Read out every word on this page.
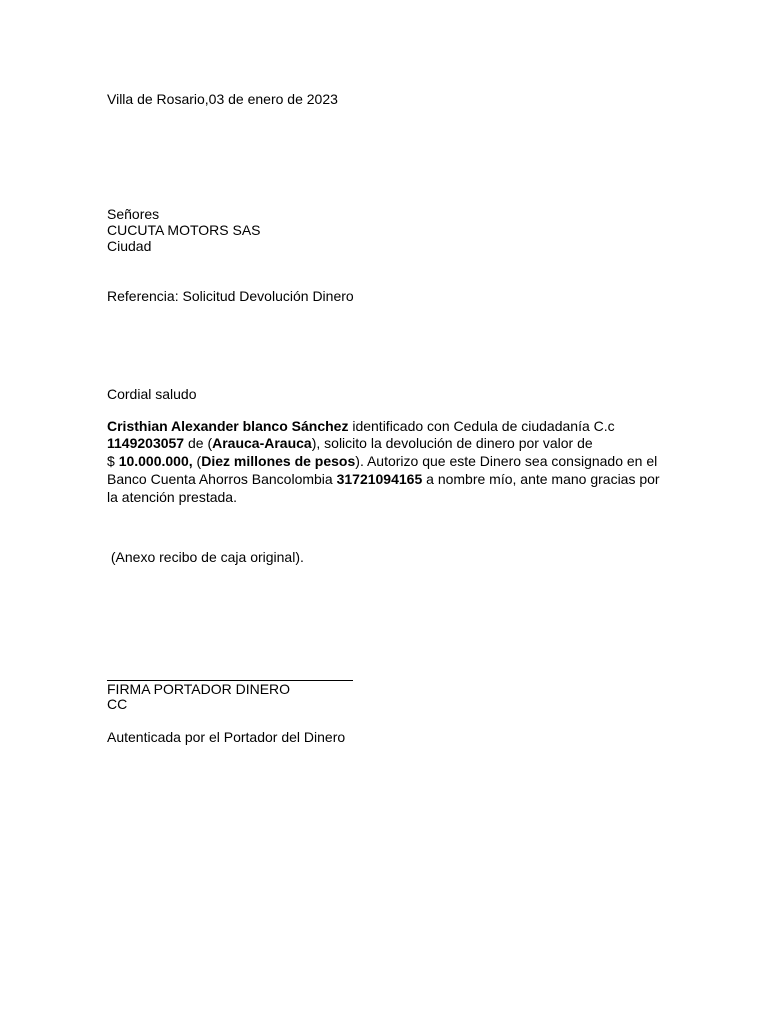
Villa de Rosario,03 de enero de 2023

Señores

CUCUTA MOTORS SAS

Ciudad

Referencia: Solicitud Devolución Dinero

Cordial saludo

Cristhian Alexander blanco Sánchez identificado con Cedula de ciudadanía C.c

1149203057 de (Arauca-Arauca), solicito la devolución de dinero por valor de

$ 10.000.000, (Diez millones de pesos). Autorizo que este Dinero sea consignado en el

Banco Cuenta Ahorros Bancolombia 31721094165 a nombre mío, ante mano gracias por

la atención prestada.

(Anexo recibo de caja original).

FIRMA PORTADOR DINERO

CC

Autenticada por el Portador del Dinero
